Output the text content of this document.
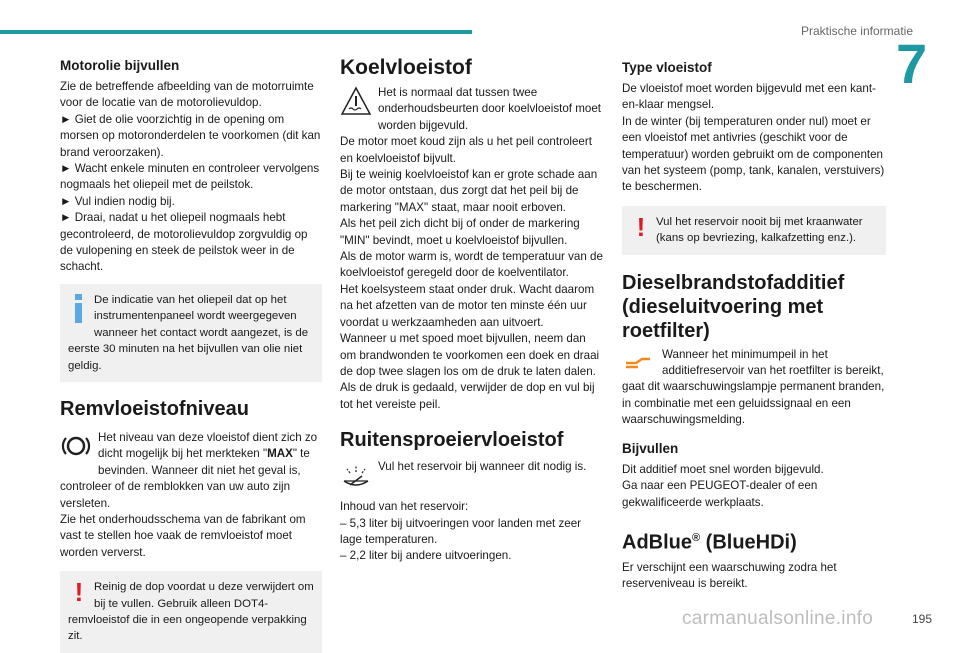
Praktische informatie
7
Motorolie bijvullen

Zie de betreffende afbeelding van de motorruimte voor de locatie van de motorolievuldop.

► Giet de olie voorzichtig in de opening om morsen op motoronderdelen te voorkomen (dit kan brand veroorzaken).

► Wacht enkele minuten en controleer vervolgens nogmaals het oliepeil met de peilstok.

► Vul indien nodig bij.

► Draai, nadat u het oliepeil nogmaals hebt gecontroleerd, de motorolievuldop zorgvuldig op de vulopening en steek de peilstok weer in de schacht.

De indicatie van het oliepeil dat op het instrumentenpaneel wordt weergegeven wanneer het contact wordt aangezet, is de eerste 30 minuten na het bijvullen van olie niet geldig.

Remvloeistofniveau

Het niveau van deze vloeistof dient zich zo dicht mogelijk bij het merkteken "MAX" te bevinden. Wanneer dit niet het geval is, controleer of de remblokken van uw auto zijn versleten.

Zie het onderhoudsschema van de fabrikant om vast te stellen hoe vaak de remvloeistof moet worden ververst.

! Reinig de dop voordat u deze verwijdert om bij te vullen. Gebruik alleen DOT4-remvloeistof die in een ongeopende verpakking zit.

Koelvloeistof

Het is normaal dat tussen twee onderhoudsbeurten door koelvloeistof moet worden bijgevuld.

De motor moet koud zijn als u het peil controleert en koelvloeistof bijvult.

Bij te weinig koelvloeistof kan er grote schade aan de motor ontstaan, dus zorgt dat het peil bij de markering "MAX" staat, maar nooit erboven.

Als het peil zich dicht bij of onder de markering "MIN" bevindt, moet u koelvloeistof bijvullen.

Als de motor warm is, wordt de temperatuur van de koelvloeistof geregeld door de koelventilator.

Het koelsysteem staat onder druk. Wacht daarom na het afzetten van de motor ten minste één uur voordat u werkzaamheden aan uitvoert.

Wanneer u met spoed moet bijvullen, neem dan om brandwonden te voorkomen een doek en draai de dop twee slagen los om de druk te laten dalen.

Als de druk is gedaald, verwijder de dop en vul bij tot het vereiste peil.

Ruitensproeiervloeistof

Vul het reservoir bij wanneer dit nodig is.

Inhoud van het reservoir:

– 5,3 liter bij uitvoeringen voor landen met zeer lage temperaturen.

– 2,2 liter bij andere uitvoeringen.

Type vloeistof

De vloeistof moet worden bijgevuld met een kant-en-klaar mengsel.

In de winter (bij temperaturen onder nul) moet er een vloeistof met antivries (geschikt voor de temperatuur) worden gebruikt om de componenten van het systeem (pomp, tank, kanalen, verstuivers) te beschermen.

! Vul het reservoir nooit bij met kraanwater (kans op bevriezing, kalkafzetting enz.).

Dieselbrandstofadditief (dieseluitvoering met roetfilter)

Wanneer het minimumpeil in het additiefreservoir van het roetfilter is bereikt, gaat dit waarschuwingslampje permanent branden, in combinatie met een geluidssignaal en een waarschuwingsmelding.

Bijvullen

Dit additief moet snel worden bijgevuld.

Ga naar een PEUGEOT-dealer of een gekwalificeerde werkplaats.

AdBlue® (BlueHDi)

Er verschijnt een waarschuwing zodra het reserveniveau is bereikt.

carmanualsonline.info	195
